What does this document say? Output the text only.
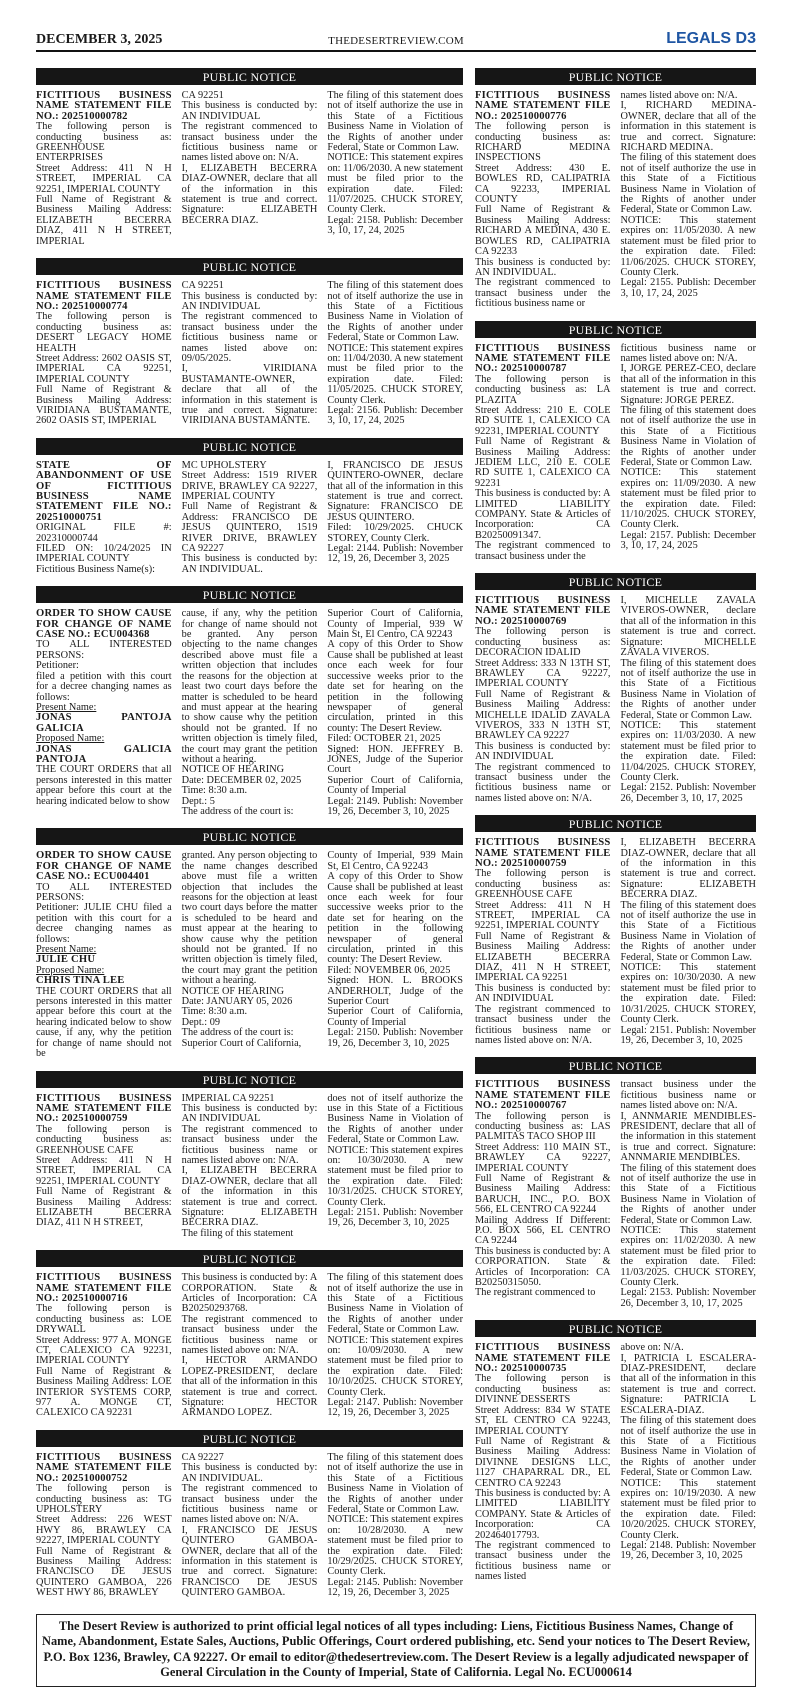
DECEMBER 3, 2025	THEDESERTREVIEW.COM	LEGALS D3
PUBLIC NOTICE

FICTITIOUS BUSINESS NAME STATEMENT FILE NO.: 202510000782

The following person is conducting business as: GREENHOUSE ENTERPRISES

Street Address: 411 N H STREET, IMPERIAL CA 92251, IMPERIAL COUNTY

Full Name of Registrant & Business Mailing Address: ELIZABETH BECERRA DIAZ, 411 N H STREET, IMPERIAL

CA 92251

This business is conducted by: AN INDIVIDUAL

The registrant commenced to transact business under the fictitious business name or names listed above on: N/A.

I, ELIZABETH BECERRA DIAZ-OWNER, declare that all of the information in this statement is true and correct. Signature: ELIZABETH BECERRA DIAZ.

The filing of this statement does not of itself authorize the use in this State of a Fictitious Business Name in Violation of the Rights of another under Federal, State or Common Law.

NOTICE: This statement expires on: 11/06/2030. A new statement must be filed prior to the expiration date. Filed: 11/07/2025. CHUCK STOREY, County Clerk.

Legal: 2158. Publish: December 3, 10, 17, 24, 2025

PUBLIC NOTICE

FICTITIOUS BUSINESS NAME STATEMENT FILE NO.: 202510000774

The following person is conducting business as: DESERT LEGACY HOME HEALTH

Street Address: 2602 OASIS ST, IMPERIAL CA 92251, IMPERIAL COUNTY

Full Name of Registrant & Business Mailing Address: VIRIDIANA BUSTAMANTE, 2602 OASIS ST, IMPERIAL

CA 92251

This business is conducted by: AN INDIVIDUAL

The registrant commenced to transact business under the fictitious business name or names listed above on: 09/05/2025.

I, VIRIDIANA BUSTAMANTE-OWNER, declare that all of the information in this statement is true and correct. Signature: VIRIDIANA BUSTAMANTE.

The filing of this statement does not of itself authorize the use in this State of a Fictitious Business Name in Violation of the Rights of another under Federal, State or Common Law.

NOTICE: This statement expires on: 11/04/2030. A new statement must be filed prior to the expiration date. Filed: 11/05/2025. CHUCK STOREY, County Clerk.

Legal: 2156. Publish: December 3, 10, 17, 24, 2025

PUBLIC NOTICE

STATE OF ABANDONMENT OF USE OF FICTITIOUS BUSINESS NAME STATEMENT FILE NO.: 202510000751

ORIGINAL FILE #: 202310000744

FILED ON: 10/24/2025 IN IMPERIAL COUNTY

Fictitious Business Name(s):

MC UPHOLSTERY

Street Address: 1519 RIVER DRIVE, BRAWLEY CA 92227, IMPERIAL COUNTY

Full Name of Registrant & Address: FRANCISCO DE JESUS QUINTERO, 1519 RIVER DRIVE, BRAWLEY CA 92227

This business is conducted by: AN INDIVIDUAL.

I, FRANCISCO DE JESUS QUINTERO-OWNER, declare that all of the information in this statement is true and correct. Signature: FRANCISCO DE JESUS QUINTERO.

Filed: 10/29/2025. CHUCK STOREY, County Clerk.

Legal: 2144. Publish: November 12, 19, 26, December 3, 2025

PUBLIC NOTICE

ORDER TO SHOW CAUSE FOR CHANGE OF NAME CASE NO.: ECU004368

TO ALL INTERESTED PERSONS:

Petitioner:

filed a petition with this court for a decree changing names as follows:

Present Name:

JONAS PANTOJA GALICIA

Proposed Name:

JONAS GALICIA PANTOJA

THE COURT ORDERS that all persons interested in this matter appear before this court at the hearing indicated below to show

cause, if any, why the petition for change of name should not be granted. Any person objecting to the name changes described above must file a written objection that includes the reasons for the objection at least two court days before the matter is scheduled to be heard and must appear at the hearing to show cause why the petition should not be granted. If no written objection is timely filed, the court may grant the petition without a hearing.

NOTICE OF HEARING

Date: DECEMBER 02, 2025

Time: 8:30 a.m.

Dept.: 5

The address of the court is:

Superior Court of California, County of Imperial, 939 W Main St, El Centro, CA 92243

A copy of this Order to Show Cause shall be published at least once each week for four successive weeks prior to the date set for hearing on the petition in the following newspaper of general circulation, printed in this county: The Desert Review.

Filed: OCTOBER 21, 2025

Signed: HON. JEFFREY B. JONES, Judge of the Superior Court

Superior Court of California, County of Imperial

Legal: 2149. Publish: November 19, 26, December 3, 10, 2025

PUBLIC NOTICE

ORDER TO SHOW CAUSE FOR CHANGE OF NAME CASE NO.: ECU004401

TO ALL INTERESTED PERSONS:

Petitioner: JULIE CHU filed a petition with this court for a decree changing names as follows:

Present Name:

JULIE CHU

Proposed Name:

CHRIS TINA LEE

THE COURT ORDERS that all persons interested in this matter appear before this court at the hearing indicated below to show cause, if any, why the petition for change of name should not be

granted. Any person objecting to the name changes described above must file a written objection that includes the reasons for the objection at least two court days before the matter is scheduled to be heard and must appear at the hearing to show cause why the petition should not be granted. If no written objection is timely filed, the court may grant the petition without a hearing.

NOTICE OF HEARING

Date: JANUARY 05, 2026

Time: 8:30 a.m.

Dept.: 09

The address of the court is:

Superior Court of California,

County of Imperial, 939 Main St, El Centro, CA 92243

A copy of this Order to Show Cause shall be published at least once each week for four successive weeks prior to the date set for hearing on the petition in the following newspaper of general circulation, printed in this county: The Desert Review.

Filed: NOVEMBER 06, 2025

Signed: HON. L. BROOKS ANDERHOLT, Judge of the Superior Court

Superior Court of California, County of Imperial

Legal: 2150. Publish: November 19, 26, December 3, 10, 2025

PUBLIC NOTICE

FICTITIOUS BUSINESS NAME STATEMENT FILE NO.: 202510000759

The following person is conducting business as: GREENHOUSE CAFE

Street Address: 411 N H STREET, IMPERIAL CA 92251, IMPERIAL COUNTY

Full Name of Registrant & Business Mailing Address: ELIZABETH BECERRA DIAZ, 411 N H STREET,

IMPERIAL CA 92251

This business is conducted by: AN INDIVIDUAL

The registrant commenced to transact business under the fictitious business name or names listed above on: N/A.

I, ELIZABETH BECERRA DIAZ-OWNER, declare that all of the information in this statement is true and correct. Signature: ELIZABETH BECERRA DIAZ.

The filing of this statement

does not of itself authorize the use in this State of a Fictitious Business Name in Violation of the Rights of another under Federal, State or Common Law.

NOTICE: This statement expires on: 10/30/2030. A new statement must be filed prior to the expiration date. Filed: 10/31/2025. CHUCK STOREY, County Clerk.

Legal: 2151. Publish: November 19, 26, December 3, 10, 2025

PUBLIC NOTICE

FICTITIOUS BUSINESS NAME STATEMENT FILE NO.: 202510000716

The following person is conducting business as: LOE DRYWALL

Street Address: 977 A. MONGE CT, CALEXICO CA 92231, IMPERIAL COUNTY

Full Name of Registrant & Business Mailing Address: LOE INTERIOR SYSTEMS CORP, 977 A. MONGE CT, CALEXICO CA 92231

This business is conducted by: A CORPORATION. State & Articles of Incorporation: CA B20250293768.

The registrant commenced to transact business under the fictitious business name or names listed above on: N/A.

I, HECTOR ARMANDO LOPEZ-PRESIDENT, declare that all of the information in this statement is true and correct. Signature: HECTOR ARMANDO LOPEZ.

The filing of this statement does not of itself authorize the use in this State of a Fictitious Business Name in Violation of the Rights of another under Federal, State or Common Law.

NOTICE: This statement expires on: 10/09/2030. A new statement must be filed prior to the expiration date. Filed: 10/10/2025. CHUCK STOREY, County Clerk.

Legal: 2147. Publish: November 12, 19, 26, December 3, 2025

PUBLIC NOTICE

FICTITIOUS BUSINESS NAME STATEMENT FILE NO.: 202510000752

The following person is conducting business as: TG UPHOLSTERY

Street Address: 226 WEST HWY 86, BRAWLEY CA 92227, IMPERIAL COUNTY

Full Name of Registrant & Business Mailing Address: FRANCISCO DE JESUS QUINTERO GAMBOA, 226 WEST HWY 86, BRAWLEY

CA 92227

This business is conducted by: AN INDIVIDUAL.

The registrant commenced to transact business under the fictitious business name or names listed above on: N/A.

I, FRANCISCO DE JESUS QUINTERO GAMBOA-OWNER, declare that all of the information in this statement is true and correct. Signature: FRANCISCO DE JESUS QUINTERO GAMBOA.

The filing of this statement does not of itself authorize the use in this State of a Fictitious Business Name in Violation of the Rights of another under Federal, State or Common Law.

NOTICE: This statement expires on: 10/28/2030. A new statement must be filed prior to the expiration date. Filed: 10/29/2025. CHUCK STOREY, County Clerk.

Legal: 2145. Publish: November 12, 19, 26, December 3, 2025

PUBLIC NOTICE

FICTITIOUS BUSINESS NAME STATEMENT FILE NO.: 202510000776

The following person is conducting business as: RICHARD MEDINA INSPECTIONS

Street Address: 430 E. BOWLES RD, CALIPATRIA CA 92233, IMPERIAL COUNTY

Full Name of Registrant & Business Mailing Address: RICHARD A MEDINA, 430 E. BOWLES RD, CALIPATRIA CA 92233

This business is conducted by: AN INDIVIDUAL.

The registrant commenced to transact business under the fictitious business name or

names listed above on: N/A.

I, RICHARD MEDINA-OWNER, declare that all of the information in this statement is true and correct. Signature: RICHARD MEDINA.

The filing of this statement does not of itself authorize the use in this State of a Fictitious Business Name in Violation of the Rights of another under Federal, State or Common Law.

NOTICE: This statement expires on: 11/05/2030. A new statement must be filed prior to the expiration date. Filed: 11/06/2025. CHUCK STOREY, County Clerk.

Legal: 2155. Publish: December 3, 10, 17, 24, 2025

PUBLIC NOTICE

FICTITIOUS BUSINESS NAME STATEMENT FILE NO.: 202510000787

The following person is conducting business as: LA PLAZITA

Street Address: 210 E. COLE RD SUITE 1, CALEXICO CA 92231, IMPERIAL COUNTY

Full Name of Registrant & Business Mailing Address: JEDIEM LLC, 210 E. COLE RD SUITE 1, CALEXICO CA 92231

This business is conducted by: A LIMITED LIABILITY COMPANY. State & Articles of Incorporation: CA B20250091347.

The registrant commenced to transact business under the

fictitious business name or names listed above on: N/A.

I, JORGE PEREZ-CEO, declare that all of the information in this statement is true and correct. Signature: JORGE PEREZ.

The filing of this statement does not of itself authorize the use in this State of a Fictitious Business Name in Violation of the Rights of another under Federal, State or Common Law.

NOTICE: This statement expires on: 11/09/2030. A new statement must be filed prior to the expiration date. Filed: 11/10/2025. CHUCK STOREY, County Clerk.

Legal: 2157. Publish: December 3, 10, 17, 24, 2025

PUBLIC NOTICE

FICTITIOUS BUSINESS NAME STATEMENT FILE NO.: 202510000769

The following person is conducting business as: DECORACION IDALID

Street Address: 333 N 13TH ST, BRAWLEY CA 92227, IMPERIAL COUNTY

Full Name of Registrant & Business Mailing Address: MICHELLE IDALID ZAVALA VIVEROS, 333 N 13TH ST, BRAWLEY CA 92227

This business is conducted by: AN INDIVIDUAL

The registrant commenced to transact business under the fictitious business name or names listed above on: N/A.

I, MICHELLE ZAVALA VIVEROS-OWNER, declare that all of the information in this statement is true and correct. Signature: MICHELLE ZAVALA VIVEROS.

The filing of this statement does not of itself authorize the use in this State of a Fictitious Business Name in Violation of the Rights of another under Federal, State or Common Law.

NOTICE: This statement expires on: 11/03/2030. A new statement must be filed prior to the expiration date. Filed: 11/04/2025. CHUCK STOREY, County Clerk.

Legal: 2152. Publish: November 26, December 3, 10, 17, 2025

PUBLIC NOTICE

FICTITIOUS BUSINESS NAME STATEMENT FILE NO.: 202510000759

The following person is conducting business as: GREENHOUSE CAFE

Street Address: 411 N H STREET, IMPERIAL CA 92251, IMPERIAL COUNTY

Full Name of Registrant & Business Mailing Address: ELIZABETH BECERRA DIAZ, 411 N H STREET, IMPERIAL CA 92251

This business is conducted by: AN INDIVIDUAL

The registrant commenced to transact business under the fictitious business name or names listed above on: N/A.

I, ELIZABETH BECERRA DIAZ-OWNER, declare that all of the information in this statement is true and correct. Signature: ELIZABETH BECERRA DIAZ.

The filing of this statement does not of itself authorize the use in this State of a Fictitious Business Name in Violation of the Rights of another under Federal, State or Common Law.

NOTICE: This statement expires on: 10/30/2030. A new statement must be filed prior to the expiration date. Filed: 10/31/2025. CHUCK STOREY, County Clerk.

Legal: 2151. Publish: November 19, 26, December 3, 10, 2025

PUBLIC NOTICE

FICTITIOUS BUSINESS NAME STATEMENT FILE NO.: 202510000767

The following person is conducting business as: LAS PALMITAS TACO SHOP III

Street Address: 110 MAIN ST., BRAWLEY CA 92227, IMPERIAL COUNTY

Full Name of Registrant & Business Mailing Address: BARUCH, INC., P.O. BOX 566, EL CENTRO CA 92244

Mailing Address If Different: P.O. BOX 566, EL CENTRO CA 92244

This business is conducted by: A CORPORATION. State & Articles of Incorporation: CA B20250315050.

The registrant commenced to

transact business under the fictitious business name or names listed above on: N/A.

I, ANNMARIE MENDIBLES-PRESIDENT, declare that all of the information in this statement is true and correct. Signature: ANNMARIE MENDIBLES.

The filing of this statement does not of itself authorize the use in this State of a Fictitious Business Name in Violation of the Rights of another under Federal, State or Common Law.

NOTICE: This statement expires on: 11/02/2030. A new statement must be filed prior to the expiration date. Filed: 11/03/2025. CHUCK STOREY, County Clerk.

Legal: 2153. Publish: November 26, December 3, 10, 17, 2025

PUBLIC NOTICE

FICTITIOUS BUSINESS NAME STATEMENT FILE NO.: 202510000735

The following person is conducting business as: DIVINNE DESSERTS

Street Address: 834 W STATE ST, EL CENTRO CA 92243, IMPERIAL COUNTY

Full Name of Registrant & Business Mailing Address: DIVINNE DESIGNS LLC, 1127 CHAPARRAL DR., EL CENTRO CA 92243

This business is conducted by: A LIMITED LIABILITY COMPANY. State & Articles of Incorporation: CA 202464017793.

The registrant commenced to transact business under the fictitious business name or names listed

above on: N/A.

I, PATRICIA L ESCALERA-DIAZ-PRESIDENT, declare that all of the information in this statement is true and correct. Signature: PATRICIA L ESCALERA-DIAZ.

The filing of this statement does not of itself authorize the use in this State of a Fictitious Business Name in Violation of the Rights of another under Federal, State or Common Law.

NOTICE: This statement expires on: 10/19/2030. A new statement must be filed prior to the expiration date. Filed: 10/20/2025. CHUCK STOREY, County Clerk.

Legal: 2148. Publish: November 19, 26, December 3, 10, 2025

The Desert Review is authorized to print official legal notices of all types including: Liens, Fictitious Business Names, Change of Name, Abandonment, Estate Sales, Auctions, Public Offerings, Court ordered publishing, etc. Send your notices to The Desert Review, P.O. Box 1236, Brawley, CA 92227. Or email to editor@thedesertreview.com. The Desert Review is a legally adjudicated newspaper of General Circulation in the County of Imperial, State of California. Legal No. ECU000614
